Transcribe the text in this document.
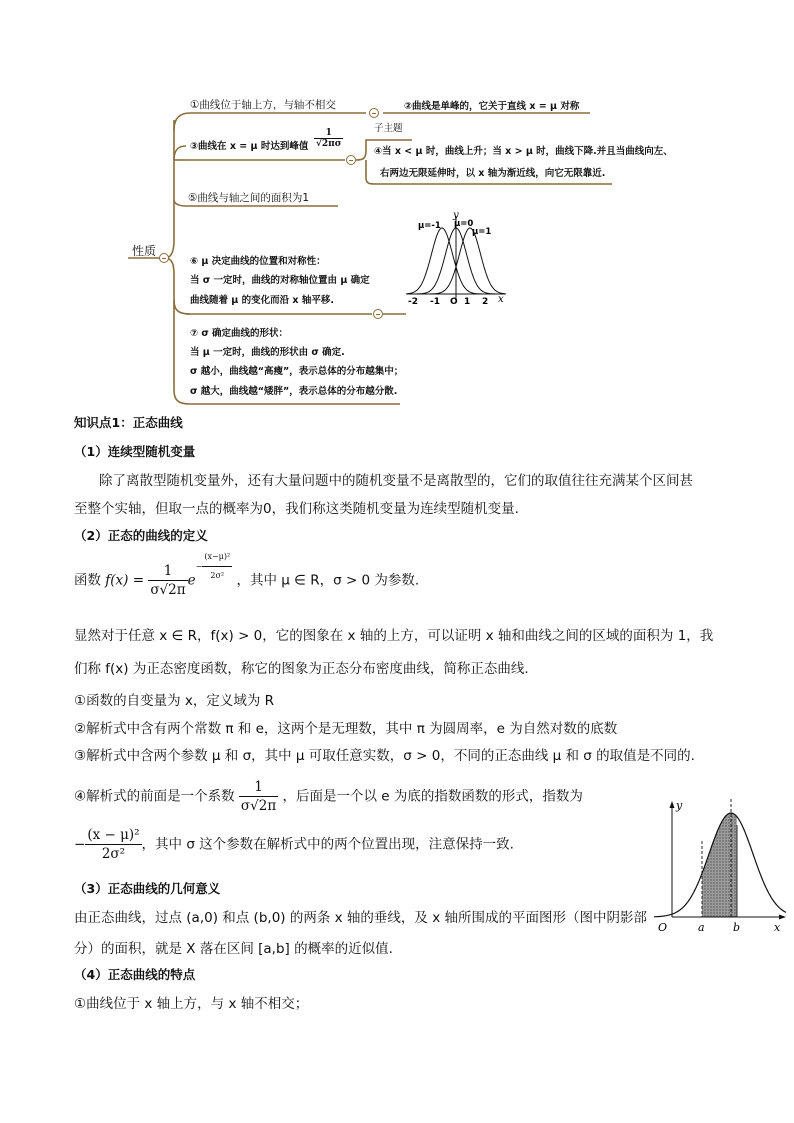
性质
①曲线位于轴上方，与轴不相交	②曲线是单峰的，它关于直线 x = μ 对称
③曲线在 x = μ 时达到峰值 $\frac{1}{√2\pi\sigma}$	子主题
④当 x < μ 时，曲线上升；当 x > μ 时，曲线下降.并且当曲线向左、
右两边无限延伸时，以 x 轴为渐近线，向它无限靠近.
⑤曲线与轴之间的面积为1
⑥ μ 决定曲线的位置和对称性：
当 σ 一定时，曲线的对称轴位置由 μ 确定
曲线随着 μ 的变化而沿 x 轴平移.
⑦ σ 确定曲线的形状：
当 μ 一定时，曲线的形状由 σ 确定.
σ 越小，曲线越“高瘦”，表示总体的分布越集中；
σ 越大，曲线越“矮胖”，表示总体的分布越分散.
y
x
μ=-1 μ=0
μ=1
-2 -1 O 1 2
知识点1：正态曲线
（1）连续型随机变量
除了离散型随机变量外，还有大量问题中的随机变量不是离散型的，它们的取值往往充满某个区间甚
至整个实轴，但取一点的概率为0，我们称这类随机变量为连续型随机变量.
（2）正态的曲线的定义
函数 $f(x) = \frac{1}{\sigma√2\pi} e- \frac{\text{(x−μ)²}}{\text{2σ²}}$ ，其中 μ ∈ R，σ > 0 为参数.
显然对于任意 x ∈ R，f(x) > 0，它的图象在 x 轴的上方，可以证明 x 轴和曲线之间的区域的面积为 1，我
们称 f(x) 为正态密度函数，称它的图象为正态分布密度曲线，简称正态曲线.
①函数的自变量为 x，定义域为 R
②解析式中含有两个常数 π 和 e，这两个是无理数，其中 π 为圆周率，e 为自然对数的底数
③解析式中含两个参数 μ 和 σ，其中 μ 可取任意实数，σ > 0，不同的正态曲线 μ 和 σ 的取值是不同的.
④解析式的前面是一个系数 $\frac{1}{\sigma√2\pi}$ ，后面是一个以 e 为底的指数函数的形式，指数为
− $\frac{\text{(x − μ)²}}{\text{2σ²}}$ ，其中 σ 这个参数在解析式中的两个位置出现，注意保持一致.
（3）正态曲线的几何意义
由正态曲线，过点 (a,0) 和点 (b,0) 的两条 x 轴的垂线，及 x 轴所围成的平面图形（图中阴影部
分）的面积，就是 X 落在区间 [a,b] 的概率的近似值.
（4）正态曲线的特点
①曲线位于 x 轴上方，与 x 轴不相交；
y
x
O	a	b
